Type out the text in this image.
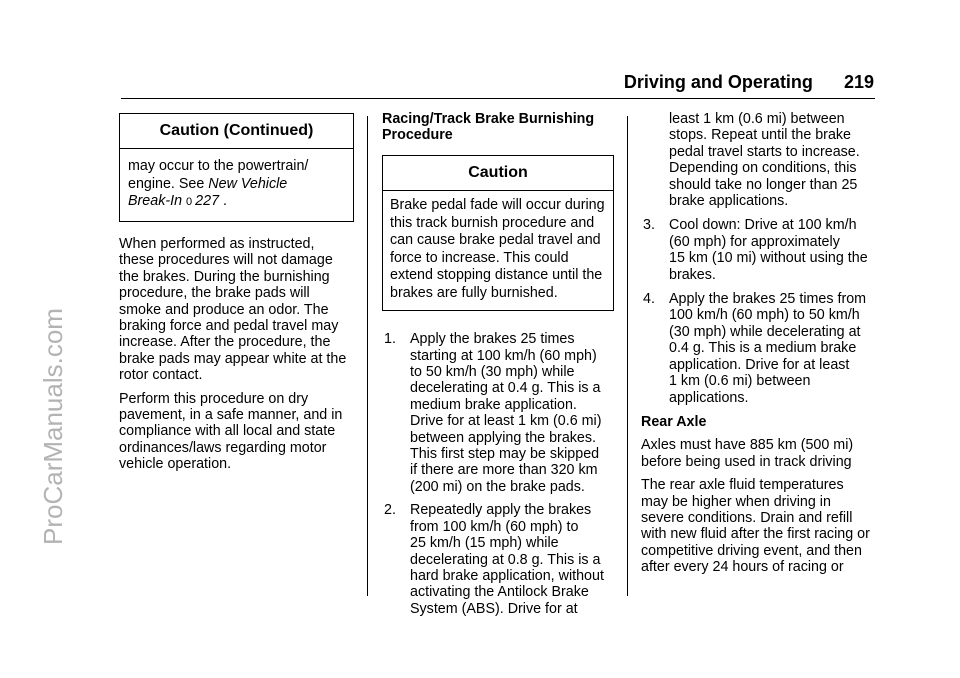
ProCarManuals.com
Driving and Operating 219
Caution (Continued)
may occur to the powertrain/
engine. See New Vehicle
Break-In 0 227 .

When performed as instructed,
these procedures will not damage
the brakes. During the burnishing
procedure, the brake pads will
smoke and produce an odor. The
braking force and pedal travel may
increase. After the procedure, the
brake pads may appear white at the
rotor contact.

Perform this procedure on dry
pavement, in a safe manner, and in
compliance with all local and state
ordinances/laws regarding motor
vehicle operation.

Racing/Track Brake Burnishing
Procedure
Caution
Brake pedal fade will occur during
this track burnish procedure and
can cause brake pedal travel and
force to increase. This could
extend stopping distance until the
brakes are fully burnished.
1. Apply the brakes 25 times
starting at 100 km/h (60 mph)
to 50 km/h (30 mph) while
decelerating at 0.4 g. This is a
medium brake application.
Drive for at least 1 km (0.6 mi)
between applying the brakes.
This first step may be skipped
if there are more than 320 km
(200 mi) on the brake pads.
2. Repeatedly apply the brakes
from 100 km/h (60 mph) to
25 km/h (15 mph) while
decelerating at 0.8 g. This is a
hard brake application, without
activating the Antilock Brake
System (ABS). Drive for at
least 1 km (0.6 mi) between
stops. Repeat until the brake
pedal travel starts to increase.
Depending on conditions, this
should take no longer than 25
brake applications.
3. Cool down: Drive at 100 km/h
(60 mph) for approximately
15 km (10 mi) without using the
brakes.
4. Apply the brakes 25 times from
100 km/h (60 mph) to 50 km/h
(30 mph) while decelerating at
0.4 g. This is a medium brake
application. Drive for at least
1 km (0.6 mi) between
applications.
Rear Axle

Axles must have 885 km (500 mi)
before being used in track driving

The rear axle fluid temperatures
may be higher when driving in
severe conditions. Drain and refill
with new fluid after the first racing or
competitive driving event, and then
after every 24 hours of racing or
